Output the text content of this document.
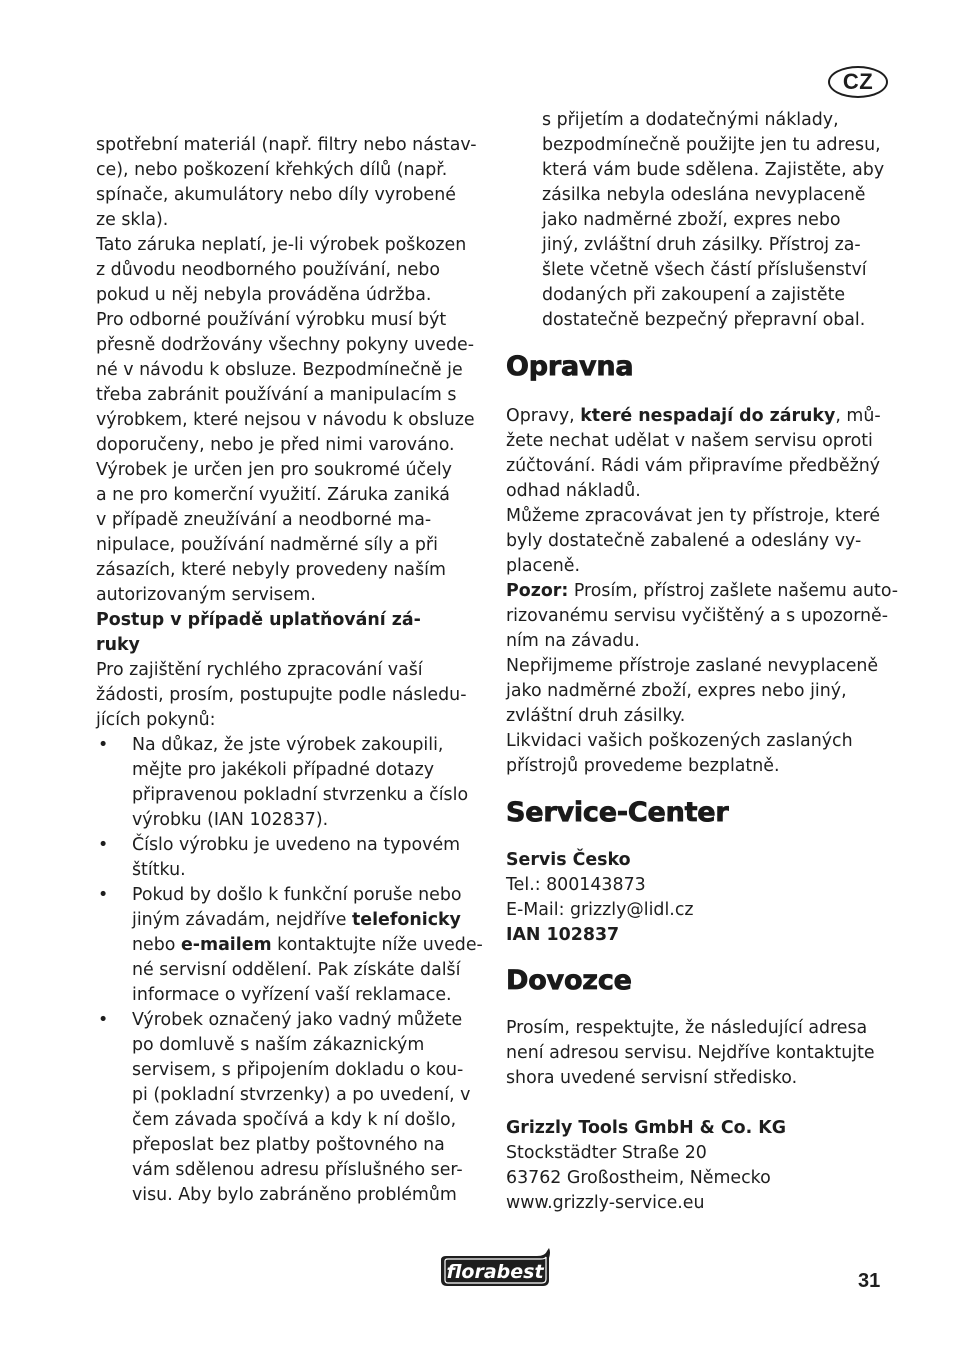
CZ

spotřební materiál (např. filtry nebo nástav-
ce), nebo poškození křehkých dílů (např.
spínače, akumulátory nebo díly vyrobené
ze skla).
Tato záruka neplatí, je-li výrobek poškozen
z důvodu neodborného používání, nebo
pokud u něj nebyla prováděna údržba.
Pro odborné používání výrobku musí být
přesně dodržovány všechny pokyny uvede-
né v návodu k obsluze. Bezpodmínečně je
třeba zabránit používání a manipulacím s
výrobkem, které nejsou v návodu k obsluze
doporučeny, nebo je před nimi varováno.
Výrobek je určen jen pro soukromé účely
a ne pro komerční využití. Záruka zaniká
v případě zneužívání a neodborné ma-
nipulace, používání nadměrné síly a při
zásazích, které nebyly provedeny naším
autorizovaným servisem.

Postup v případě uplatňování zá-
ruky

Pro zajištění rychlého zpracování vaší
žádosti, prosím, postupujte podle následu-
jících pokynů:

• Na důkaz, že jste výrobek zakoupili,
mějte pro jakékoli případné dotazy
připravenou pokladní stvrzenku a číslo
výrobku (IAN 102837).
• Číslo výrobku je uvedeno na typovém
štítku.
• Pokud by došlo k funkční poruše nebo
jiným závadám, nejdříve telefonicky
nebo e-mailem kontaktujte níže uvede-
né servisní oddělení. Pak získáte další
informace o vyřízení vaší reklamace.
• Výrobek označený jako vadný můžete
po domluvě s naším zákaznickým
servisem, s připojením dokladu o kou-
pi (pokladní stvrzenky) a po uvedení, v
čem závada spočívá a kdy k ní došlo,
přeposlat bez platby poštovného na
vám sdělenou adresu příslušného ser-
visu. Aby bylo zabráněno problémům

s přijetím a dodatečnými náklady,
bezpodmínečně použijte jen tu adresu,
která vám bude sdělena. Zajistěte, aby
zásilka nebyla odeslána nevyplaceně
jako nadměrné zboží, expres nebo
jiný, zvláštní druh zásilky. Přístroj za-
šlete včetně všech částí příslušenství
dodaných při zakoupení a zajistěte
dostatečně bezpečný přepravní obal.

Opravna

Opravy, které nespadají do záruky, mů-
žete nechat udělat v našem servisu oproti
zúčtování. Rádi vám připravíme předběžný
odhad nákladů.
Můžeme zpracovávat jen ty přístroje, které
byly dostatečně zabalené a odeslány vy-
placeně.
Pozor: Prosím, přístroj zašlete našemu auto-
rizovanému servisu vyčištěný a s upozorně-
ním na závadu.
Nepřijmeme přístroje zaslané nevyplaceně
jako nadměrné zboží, expres nebo jiný,
zvláštní druh zásilky.
Likvidaci vašich poškozených zaslaných
přístrojů provedeme bezplatně.

Service-Center

Servis Česko
Tel.: 800143873
E-Mail: grizzly@lidl.cz
IAN 102837

Dovozce

Prosím, respektujte, že následující adresa
není adresou servisu. Nejdříve kontaktujte
shora uvedené servisní středisko.

Grizzly Tools GmbH & Co. KG
Stockstädter Straße 20
63762 Großostheim, Německo
www.grizzly-service.eu

florabest	31
